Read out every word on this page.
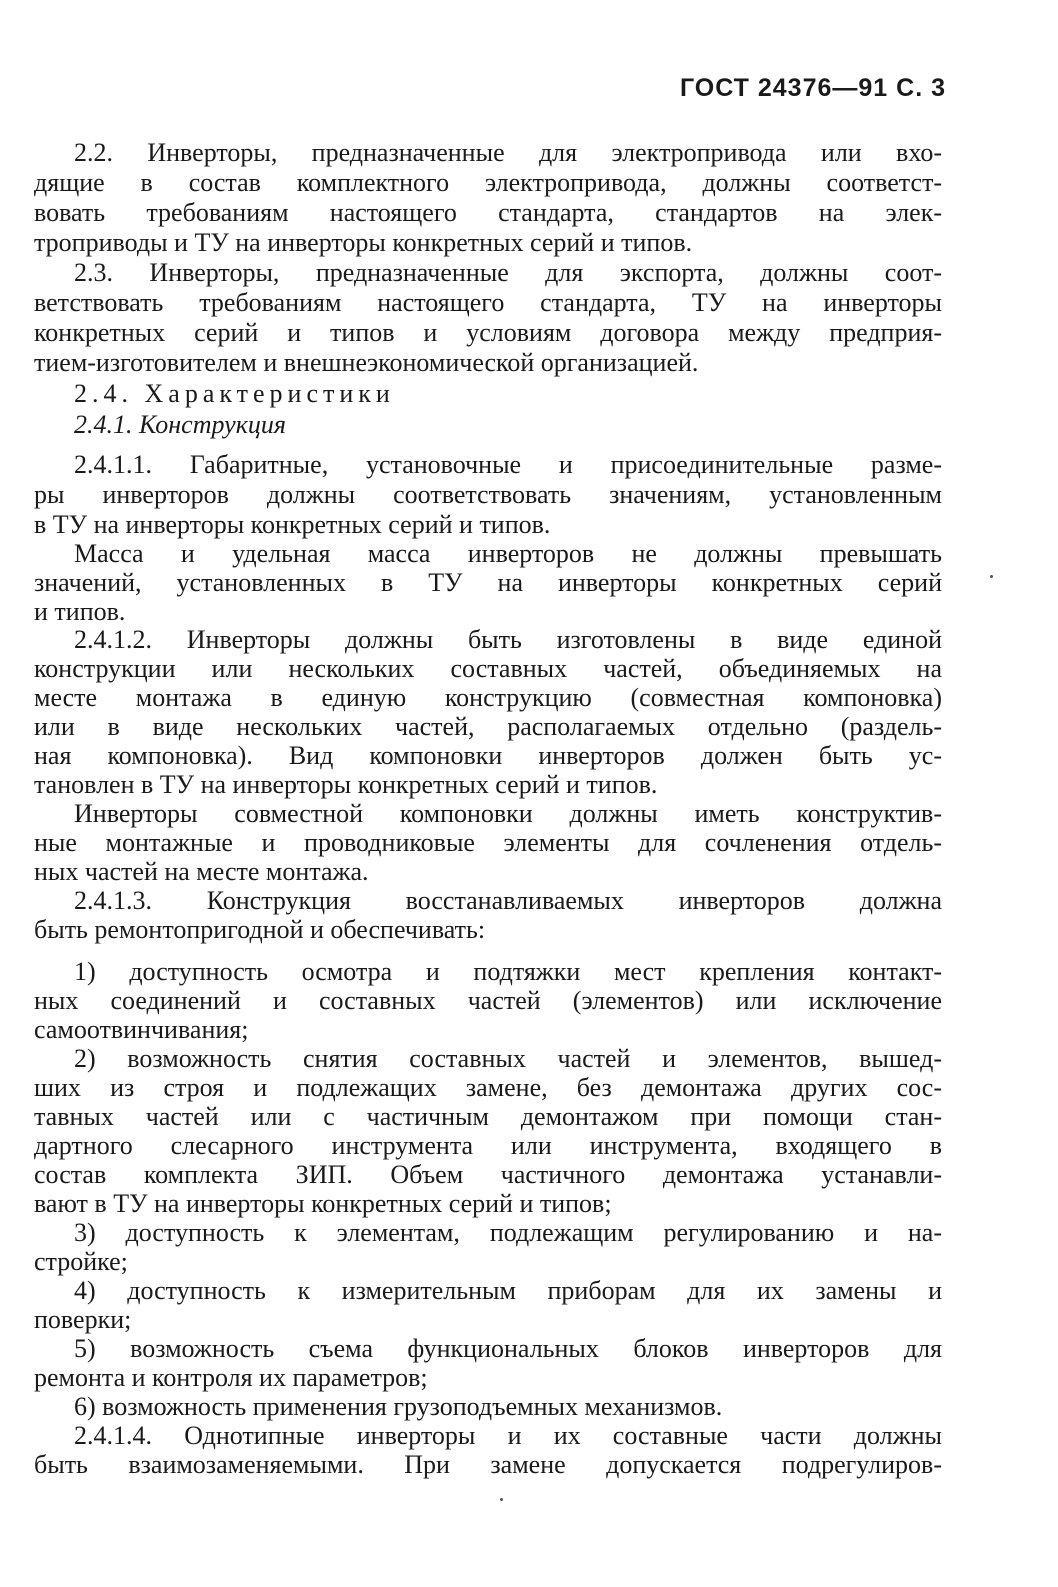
ГОСТ 24376—91 С. 3
2.2. Инверторы, предназначенные для электропривода или вхо-
дящие в состав комплектного электропривода, должны соответст-
вовать требованиям настоящего стандарта, стандартов на элек-
троприводы и ТУ на инверторы конкретных серий и типов.
2.3. Инверторы, предназначенные для экспорта, должны соот-
ветствовать требованиям настоящего стандарта, ТУ на инверторы
конкретных серий и типов и условиям договора между предприя-
тием-изготовителем и внешнеэкономической организацией.
2.4. Характеристики
2.4.1. Конструкция
2.4.1.1. Габаритные, установочные и присоединительные разме-
ры инверторов должны соответствовать значениям, установленным
в ТУ на инверторы конкретных серий и типов.
Масса и удельная масса инверторов не должны превышать
значений, установленных в ТУ на инверторы конкретных серий
и типов.
2.4.1.2. Инверторы должны быть изготовлены в виде единой
конструкции или нескольких составных частей, объединяемых на
месте монтажа в единую конструкцию (совместная компоновка)
или в виде нескольких частей, располагаемых отдельно (раздель-
ная компоновка). Вид компоновки инверторов должен быть ус-
тановлен в ТУ на инверторы конкретных серий и типов.
Инверторы совместной компоновки должны иметь конструктив-
ные монтажные и проводниковые элементы для сочленения отдель-
ных частей на месте монтажа.
2.4.1.3. Конструкция восстанавливаемых инверторов должна
быть ремонтопригодной и обеспечивать:
1) доступность осмотра и подтяжки мест крепления контакт-
ных соединений и составных частей (элементов) или исключение
самоотвинчивания;
2) возможность снятия составных частей и элементов, вышед-
ших из строя и подлежащих замене, без демонтажа других сос-
тавных частей или с частичным демонтажом при помощи стан-
дартного слесарного инструмента или инструмента, входящего в
состав комплекта ЗИП. Объем частичного демонтажа устанавли-
вают в ТУ на инверторы конкретных серий и типов;
3) доступность к элементам, подлежащим регулированию и на-
стройке;
4) доступность к измерительным приборам для их замены и
поверки;
5) возможность съема функциональных блоков инверторов для
ремонта и контроля их параметров;
6) возможность применения грузоподъемных механизмов.
2.4.1.4. Однотипные инверторы и их составные части должны
быть взаимозаменяемыми. При замене допускается подрегулиров-
